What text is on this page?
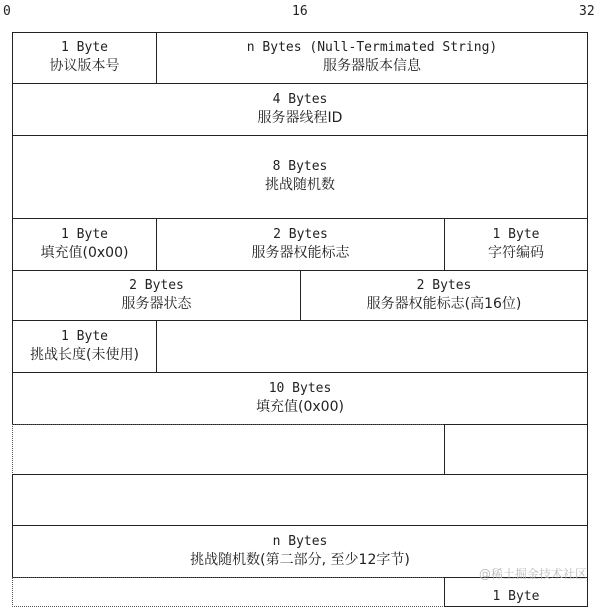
0	16	32
1 Byte
协议版本号
n Bytes (Null-Termimated String)
服务器版本信息
4 Bytes
服务器线程ID
8 Bytes
挑战随机数
1 Byte
填充值(0x00)
2 Bytes
服务器权能标志
1 Byte
字符编码
2 Bytes
服务器状态
2 Bytes
服务器权能标志(高16位)
1 Byte
挑战长度(未使用)
10 Bytes
填充值(0x00)
n Bytes
挑战随机数(第二部分, 至少12字节)
1 Byte
@稀土掘金技术社区
